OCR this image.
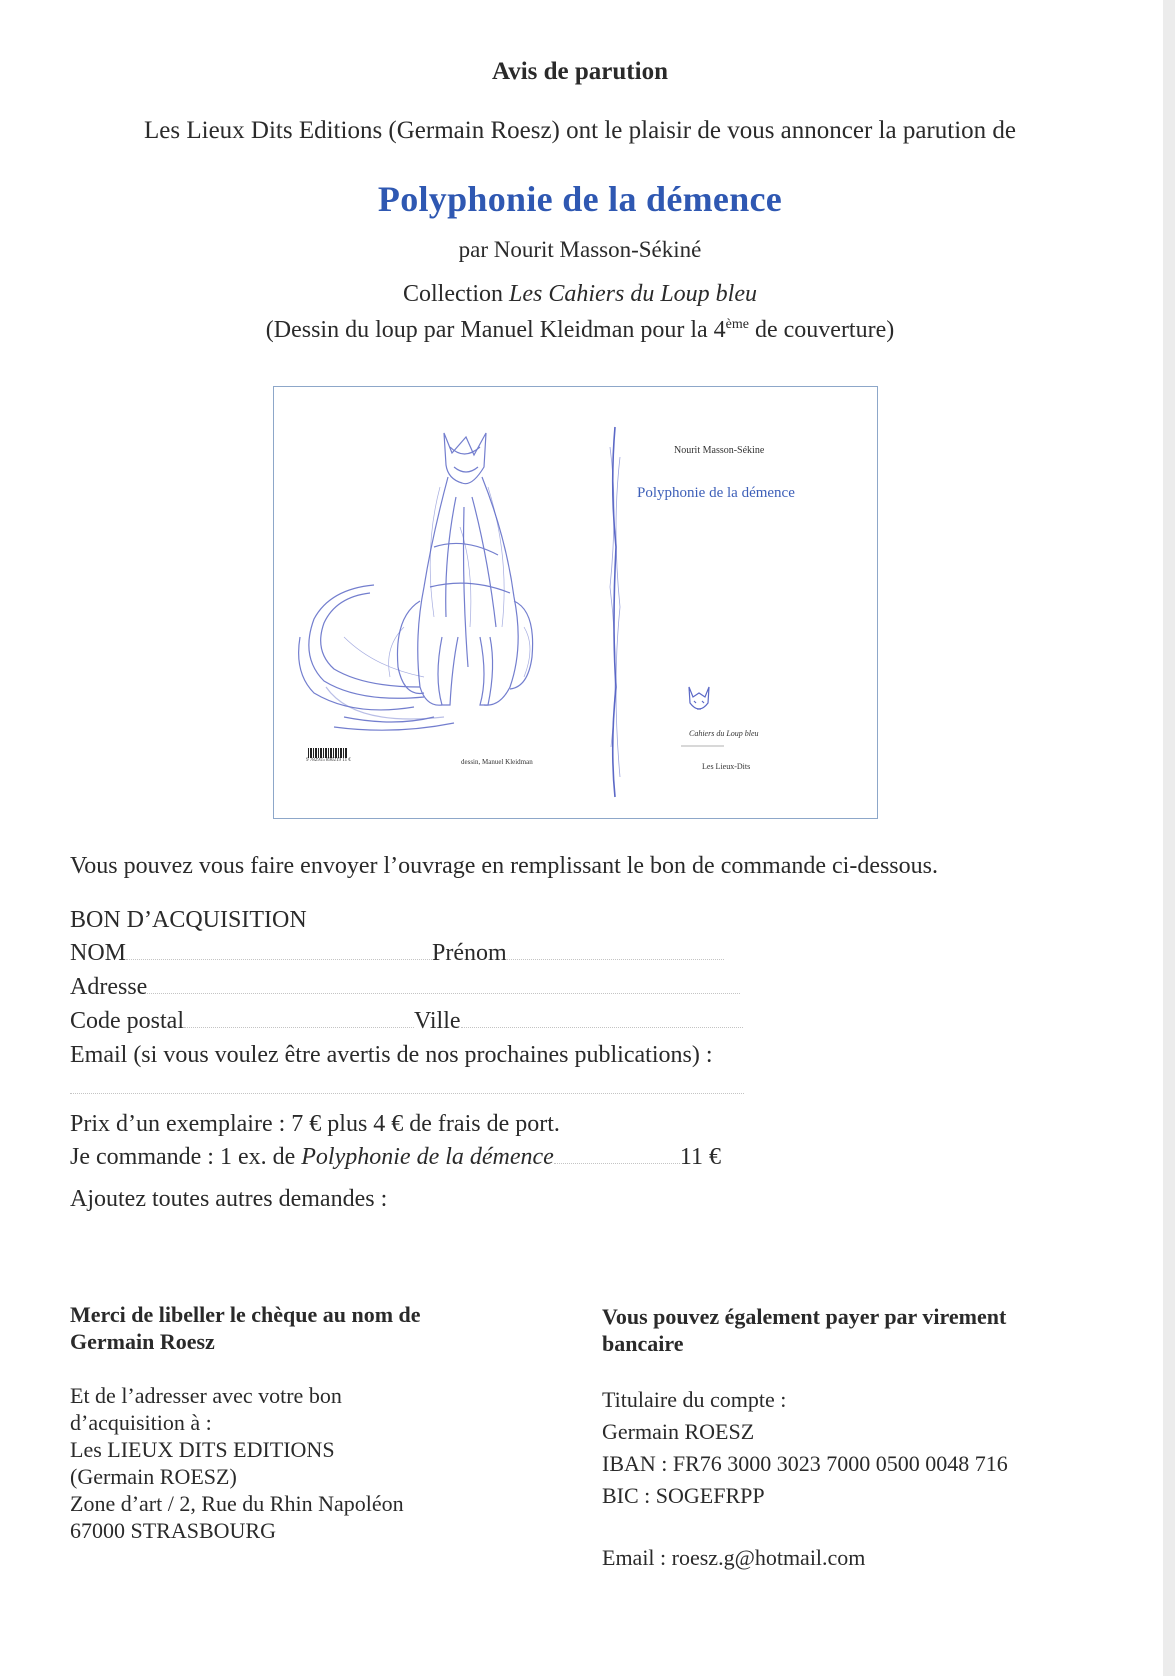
Avis de parution
Les Lieux Dits Editions (Germain Roesz) ont le plaisir de vous annoncer la parution de
Polyphonie de la démence
par Nourit Masson-Sékiné
Collection Les Cahiers du Loup bleu
(Dessin du loup par Manuel Kleidman pour la 4ème de couverture)
Nourit Masson-Sékine
Polyphonie de la démence
Cahiers du Loup bleu
Les Lieux-Dits
dessin, Manuel Kleidman
9 782915 890219 11 €
Vous pouvez vous faire envoyer l’ouvrage en remplissant le bon de commande ci-dessous.
BON D’ACQUISITION
NOM	Prénom
Adresse
Code postal	Ville
Email (si vous voulez être avertis de nos prochaines publications) :
Prix d’un exemplaire : 7 € plus 4 € de frais de port.
Je commande : 1 ex. de Polyphonie de la démence	11 €
Ajoutez toutes autres demandes :
Merci de libeller le chèque au nom de
Germain Roesz
Et de l’adresser avec votre bon
d’acquisition à :
Les LIEUX DITS EDITIONS
(Germain ROESZ)
Zone d’art / 2, Rue du Rhin Napoléon
67000 STRASBOURG
Vous pouvez également payer par virement
bancaire
Titulaire du compte :
Germain ROESZ
IBAN : FR76 3000 3023 7000 0500 0048 716
BIC : SOGEFRPP
Email : roesz.g@hotmail.com
